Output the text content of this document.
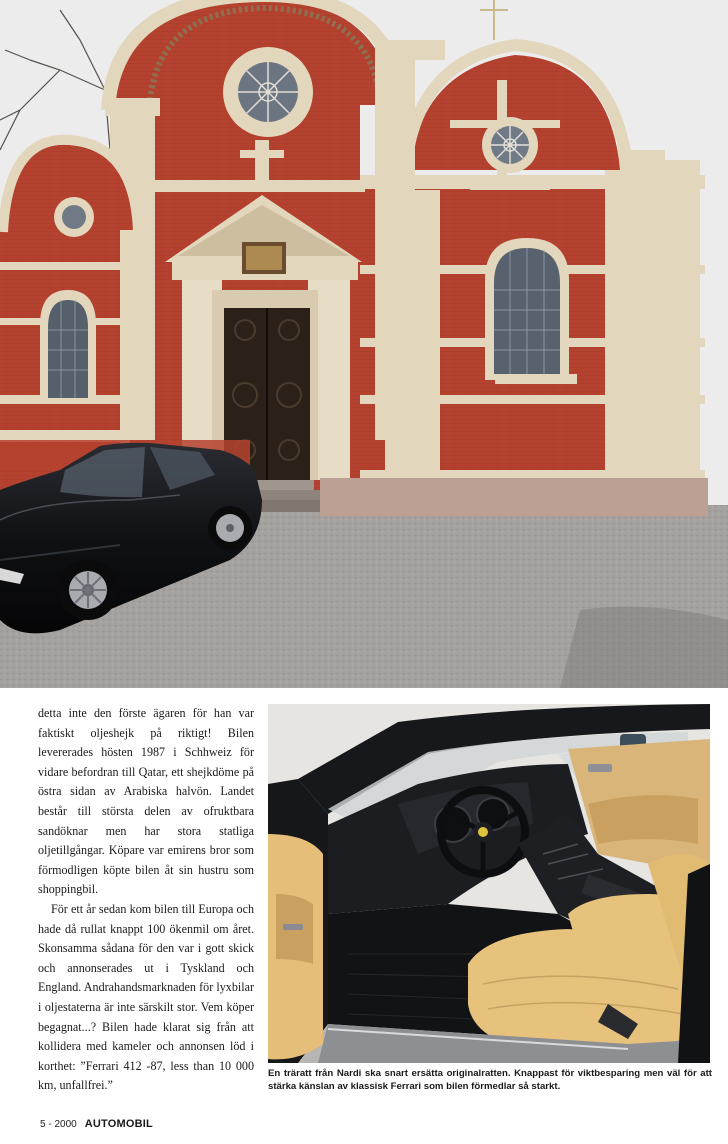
detta inte den förste ägaren för han var faktiskt oljeshejk på riktigt! Bilen levererades hösten 1987 i Schhweiz för vidare befordran till Qatar, ett shejkdöme på östra sidan av Arabiska halvön. Landet består till största delen av ofruktbara sandöknar men har stora statliga oljetillgångar. Köpare var emirens bror som förmodligen köpte bilen åt sin hustru som shoppingbil.

För ett år sedan kom bilen till Europa och hade då rullat knappt 100 ökenmil om året. Skonsamma sådana för den var i gott skick och annonserades ut i Tyskland och England. Andrahandsmarknaden för lyxbilar i oljestaterna är inte särskilt stor. Vem köper begagnat...? Bilen hade klarat sig från att kollidera med kameler och annonsen löd i korthet: ”Ferrari 412 -87, less than 10 000 km, unfallfrei.”

En träratt från Nardi ska snart ersätta originalratten. Knappast för viktbesparing men väl för att stärka känslan av klassisk Ferrari som bilen förmedlar så starkt.
5 - 2000 AUTOMOBIL
